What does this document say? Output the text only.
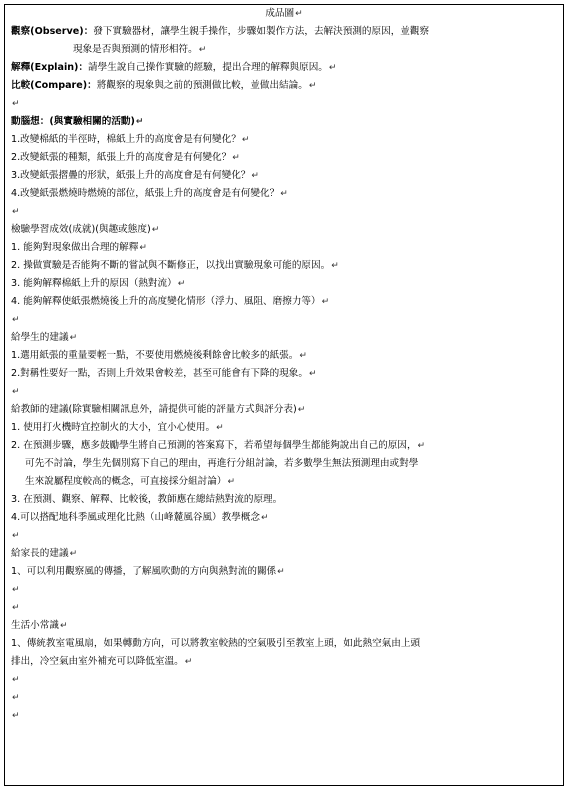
成品圖↵
觀察(Observe)：發下實驗器材，讓學生親手操作，步驟如製作方法，去解決預測的原因，並觀察
現象是否與預測的情形相符。↵
解釋(Explain)：請學生說自己操作實驗的經驗，提出合理的解釋與原因。↵
比較(Compare)：將觀察的現象與之前的預測做比較，並做出結論。↵
↵
動腦想：(與實驗相關的活動)↵
1.改變棉紙的半徑時，棉紙上升的高度會是有何變化？↵
2.改變紙張的種類，紙張上升的高度會是有何變化？↵
3.改變紙張摺疊的形狀，紙張上升的高度會是有何變化？↵
4.改變紙張燃燒時燃燒的部位，紙張上升的高度會是有何變化？↵
↵
檢驗學習成效(成就)(與趣或態度)↵
1. 能夠對現象做出合理的解釋↵
2. 操做實驗是否能夠不斷的嘗試與不斷修正，以找出實驗現象可能的原因。↵
3. 能夠解釋棉紙上升的原因（熱對流）↵
4. 能夠解釋使紙張燃燒後上升的高度變化情形（浮力、風阻、磨擦力等）↵
↵
給學生的建議↵
1.選用紙張的重量要輕一點，不要使用燃燒後剩餘會比較多的紙張。↵
2.對稱性要好一點，否則上升效果會較差，甚至可能會有下降的現象。↵
↵
給教師的建議(除實驗相關訊息外，請提供可能的評量方式與評分表)↵
1. 使用打火機時宜控制火的大小，宜小心使用。↵
2. 在預測步驟，應多鼓勵學生將自己預測的答案寫下，若希望每個學生都能夠說出自己的原因，↵
可先不討論，學生先個別寫下自己的理由，再進行分組討論，若多數學生無法預測理由或對學
生來說屬程度較高的概念，可直接採分組討論）↵
3. 在預測、觀察、解釋、比較後，教師應在總結熱對流的原理。
4.可以搭配地科季風或理化比熱（山峰麓風谷風）教學概念↵
↵
給家長的建議↵
1、可以利用觀察風的傳播，了解風吹動的方向與熱對流的關係↵
↵
↵
生活小常識↵
1、傳統教室電風扇，如果轉動方向，可以將教室較熱的空氣吸引至教室上頭，如此熱空氣由上頭
排出，冷空氣由室外補充可以降低室溫。↵
↵
↵
↵
